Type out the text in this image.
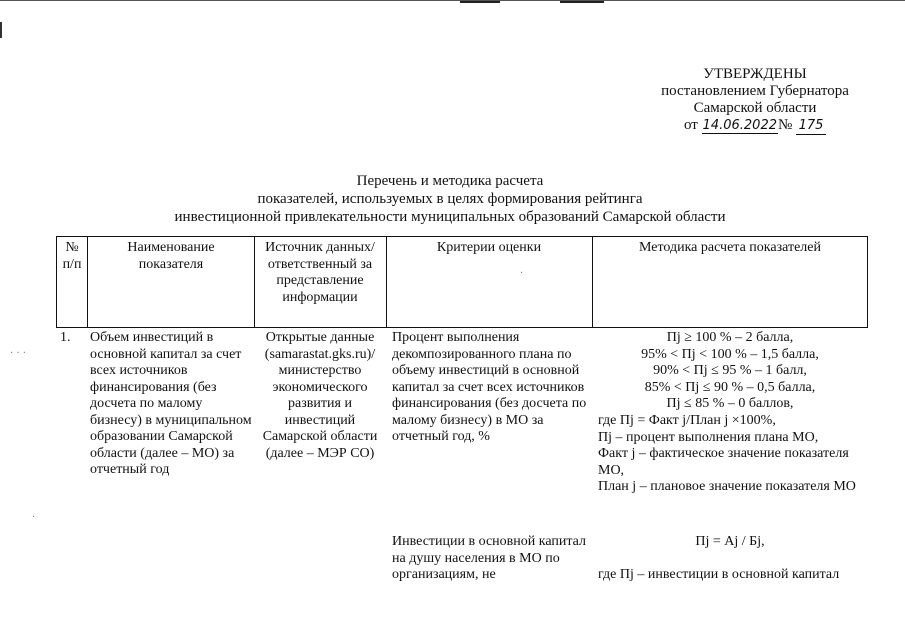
УТВЕРЖДЕНЫ
постановлением Губернатора
Самарской области
от 14.06.2022№ 175
Перечень и методика расчета
показателей, используемых в целях формирования рейтинга
инвестиционной привлекательности муниципальных образований Самарской области
№ п/п
Наименование показателя
Источник данных/ ответственный за представление информации
Критерии оценки	Методика расчета показателей
1.	Объем инвестиций в основной капитал за счет всех источников финансирования (без досчета по малому бизнесу) в муниципальном образовании Самарской области (далее – МО) за отчетный год
Открытые данные (samarastat.gks.ru)/ министерство экономического развития и инвестиций Самарской области (далее – МЭР СО)
Процент выполнения декомпозированного плана по объему инвестиций в основной капитал за счет всех источников финансирования (без досчета по малому бизнесу) в МО за отчетный год, %
Пj ≥ 100 % – 2 балла,
95% < Пj < 100 % – 1,5 балла,
90% < Пj ≤ 95 % – 1 балл,
85% < Пj ≤ 90 % – 0,5 балла,
Пj ≤ 85 % – 0 баллов,
где Пj = Факт j/План j ×100%,
Пj – процент выполнения плана МО,
Факт j – фактическое значение показателя МО,
План j – плановое значение показателя МО
Инвестиции в основной капитал на душу населения в МО по организациям, не
Пj = Аj / Бj,
где Пj – инвестиции в основной капитал
· · ·
·
·
